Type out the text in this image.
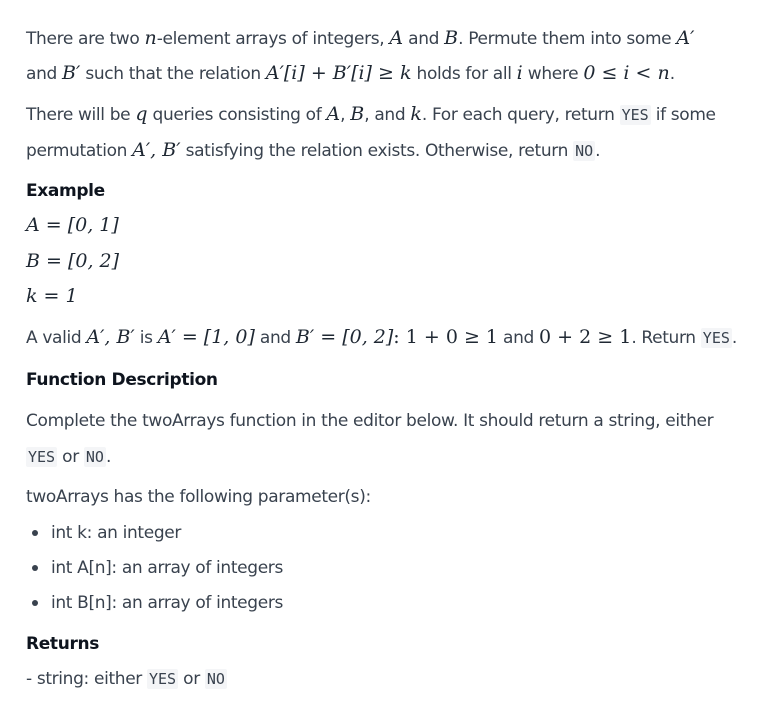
There are two n-element arrays of integers, A and B. Permute them into some A′
and B′ such that the relation A′[i] + B′[i] ≥ k holds for all i where 0 ≤ i < n.
There will be q queries consisting of A, B, and k. For each query, return YES if some
permutation A′, B′ satisfying the relation exists. Otherwise, return NO .
Example
A = [0, 1]
B = [0, 2]
k = 1
A valid A′, B′ is A′ = [1, 0] and B′ = [0, 2]: 1 + 0 ≥ 1 and 0 + 2 ≥ 1. Return YES .
Function Description
Complete the twoArrays function in the editor below. It should return a string, either
YES or NO .
twoArrays has the following parameter(s):
int k: an integer
int A[n]: an array of integers
int B[n]: an array of integers
Returns
- string: either YES or NO
